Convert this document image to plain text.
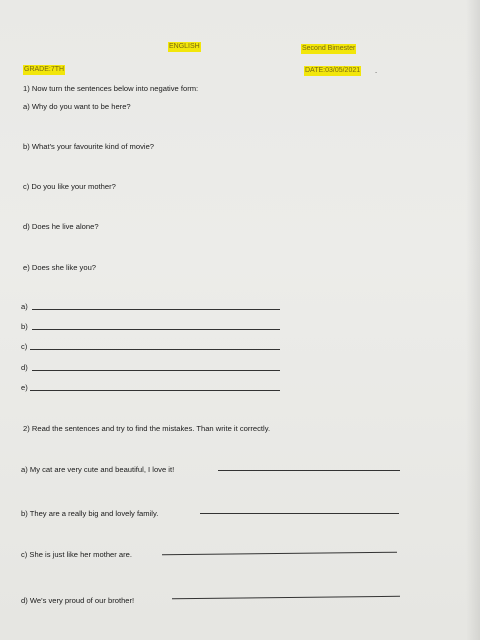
ENGLISH	Second Bimester
GRADE:7TH	DATE:03/05/2021 .
1) Now turn the sentences below into negative form:
a) Why do you want to be here?
b) What's your favourite kind of movie?
c) Do you like your mother?
d) Does he live alone?
e) Does she like you?
a)
b)
c)
d)
e)
2) Read the sentences and try to find the mistakes. Than write it correctly.
a) My cat are very cute and beautiful, I love it!
b) They are a really big and lovely family.
c) She is just like her mother are.
d) We's very proud of our brother!
